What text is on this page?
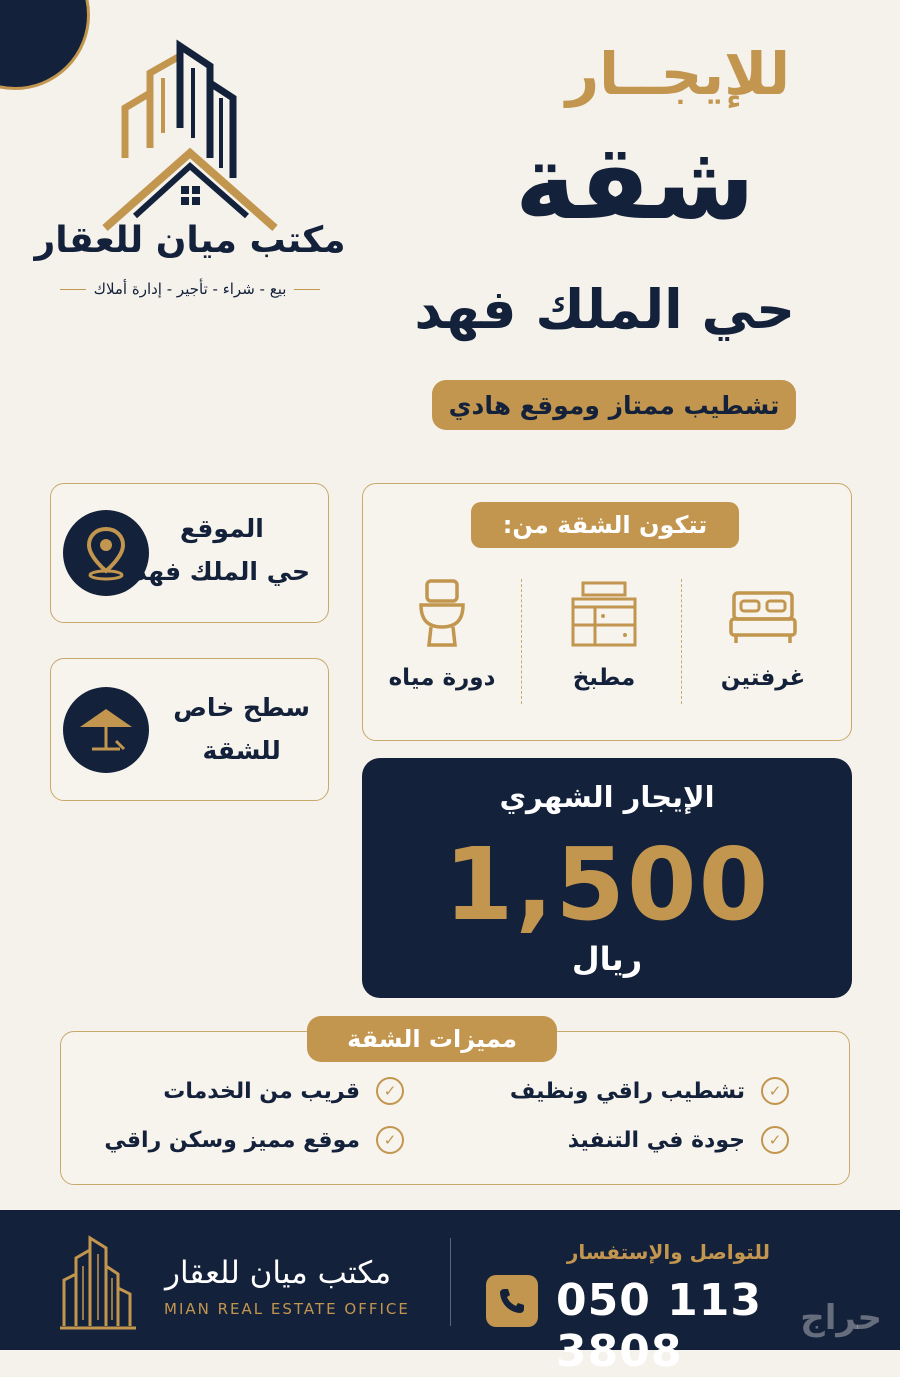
مكتب ميان للعقار
بيع - شراء - تأجير - إدارة أملاك
للإيجــار
شقة
حي الملك فهد
تشطيب ممتاز وموقع هادي
الموقع
حي الملك فهد
سطح خاص
للشقة
تتكون الشقة من:
غرفتين
مطبخ
دورة مياه
الإيجار الشهري
1,500
ريال
مميزات الشقة
✓
تشطيب راقي ونظيف
✓
قريب من الخدمات
✓
جودة في التنفيذ
✓
موقع مميز وسكن راقي
مكتب ميان للعقار
MIAN REAL ESTATE OFFICE
للتواصل والإستفسار
050 113 3808
حراج
